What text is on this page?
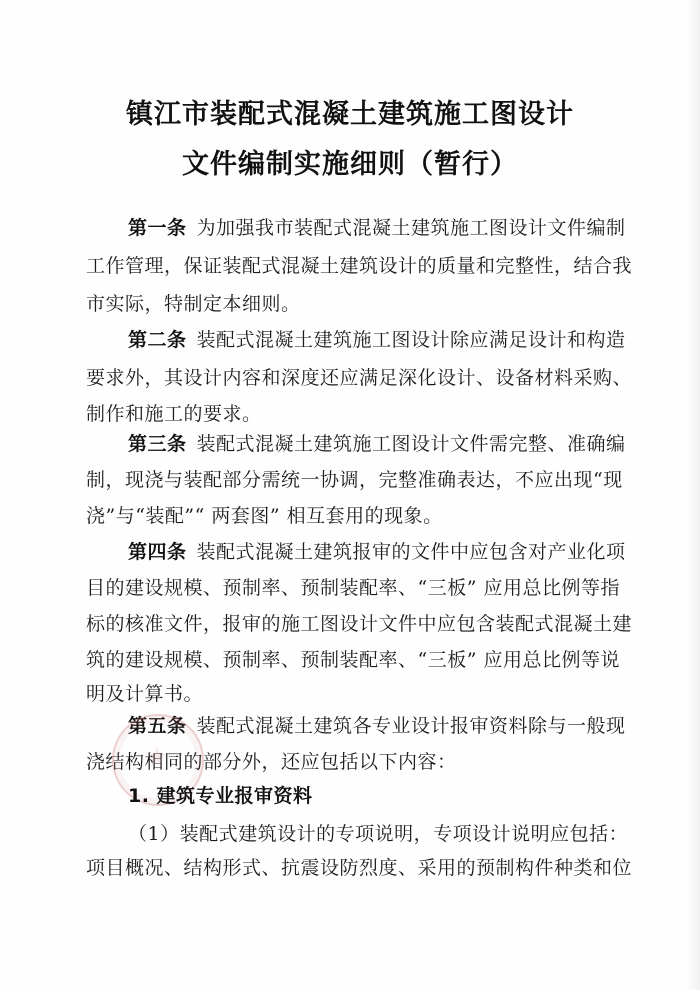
镇江市装配式混凝土建筑施工图设计
文件编制实施细则（暂行）
第一条 为加强我市装配式混凝土建筑施工图设计文件编制
工作管理，保证装配式混凝土建筑设计的质量和完整性，结合我
市实际，特制定本细则。
第二条 装配式混凝土建筑施工图设计除应满足设计和构造
要求外，其设计内容和深度还应满足深化设计、设备材料采购、
制作和施工的要求。
第三条 装配式混凝土建筑施工图设计文件需完整、准确编
制，现浇与装配部分需统一协调，完整准确表达，不应出现“现
浇”与“装配”“ 两套图” 相互套用的现象。
第四条 装配式混凝土建筑报审的文件中应包含对产业化项
目的建设规模、预制率、预制装配率、“三板” 应用总比例等指
标的核准文件，报审的施工图设计文件中应包含装配式混凝土建
筑的建设规模、预制率、预制装配率、“三板” 应用总比例等说
明及计算书。
第五条 装配式混凝土建筑各专业设计报审资料除与一般现
浇结构相同的部分外，还应包括以下内容：
1. 建筑专业报审资料
（1）装配式建筑设计的专项说明，专项设计说明应包括：
项目概况、结构形式、抗震设防烈度、采用的预制构件种类和位
